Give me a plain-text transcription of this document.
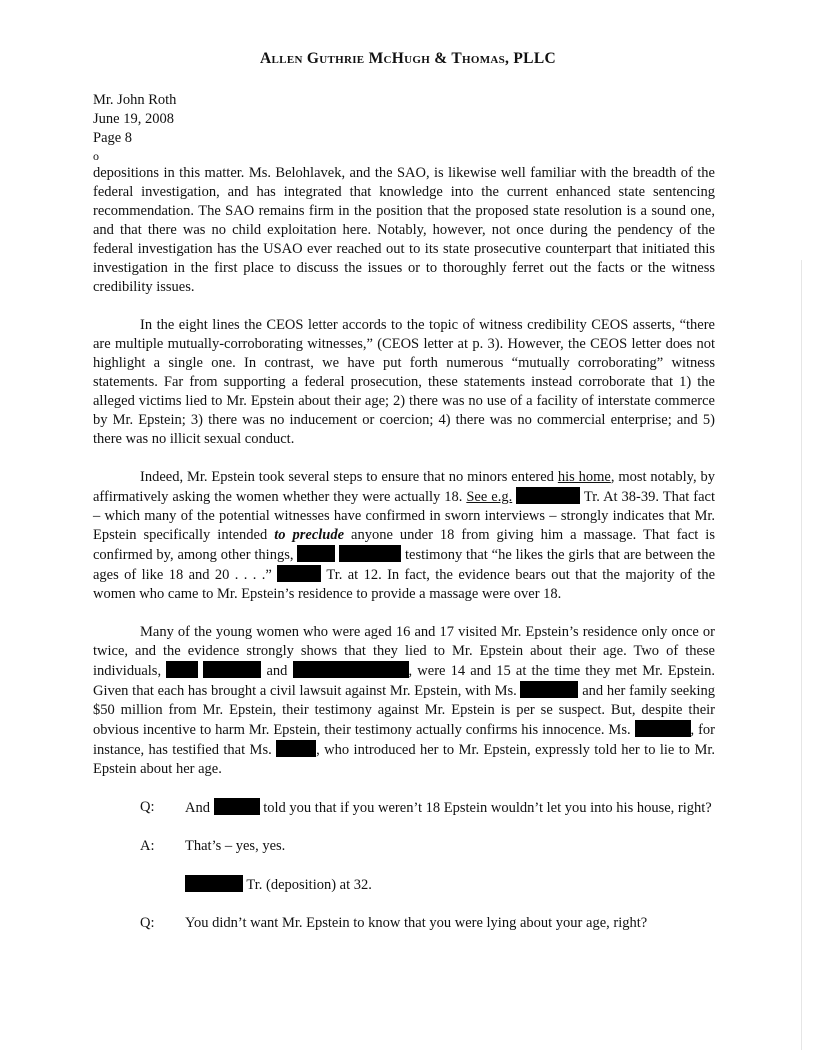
Allen Guthrie McHugh & Thomas, PLLC
Mr. John Roth
June 19, 2008
Page 8
o

depositions in this matter. Ms. Belohlavek, and the SAO, is likewise well familiar with the breadth of the federal investigation, and has integrated that knowledge into the current enhanced state sentencing recommendation. The SAO remains firm in the position that the proposed state resolution is a sound one, and that there was no child exploitation here. Notably, however, not once during the pendency of the federal investigation has the USAO ever reached out to its state prosecutive counterpart that initiated this investigation in the first place to discuss the issues or to thoroughly ferret out the facts or the witness credibility issues.

In the eight lines the CEOS letter accords to the topic of witness credibility CEOS asserts, “there are multiple mutually-corroborating witnesses,” (CEOS letter at p. 3). However, the CEOS letter does not highlight a single one. In contrast, we have put forth numerous “mutually corroborating” witness statements. Far from supporting a federal prosecution, these statements instead corroborate that 1) the alleged victims lied to Mr. Epstein about their age; 2) there was no use of a facility of interstate commerce by Mr. Epstein; 3) there was no inducement or coercion; 4) there was no commercial enterprise; and 5) there was no illicit sexual conduct.

Indeed, Mr. Epstein took several steps to ensure that no minors entered his home, most notably, by affirmatively asking the women whether they were actually 18. See e.g.	Tr. At 38-39. That fact – which many of the potential witnesses have confirmed in sworn interviews – strongly indicates that Mr. Epstein specifically intended to preclude anyone under 18 from giving him a massage. That fact is confirmed by, among other things,	testimony that “he likes the girls that are between the ages of like 18 and 20 . . . .”	Tr. at 12. In fact, the evidence bears out that the majority of the women who came to Mr. Epstein’s residence to provide a massage were over 18.

Many of the young women who were aged 16 and 17 visited Mr. Epstein’s residence only once or twice, and the evidence strongly shows that they lied to Mr. Epstein about their age. Two of these individuals,	and	, were 14 and 15 at the time they met Mr. Epstein. Given that each has brought a civil lawsuit against Mr. Epstein, with Ms.	and her family seeking $50 million from Mr. Epstein, their testimony against Mr. Epstein is per se suspect. But, despite their obvious incentive to harm Mr. Epstein, their testimony actually confirms his innocence. Ms.	, for instance, has testified that Ms.	, who introduced her to Mr. Epstein, expressly told her to lie to Mr. Epstein about her age.

Q:	And	told you that if you weren’t 18 Epstein wouldn’t let you into his house, right?
A:	That’s – yes, yes.
Tr. (deposition) at 32.
Q:	You didn’t want Mr. Epstein to know that you were lying about your age, right?
